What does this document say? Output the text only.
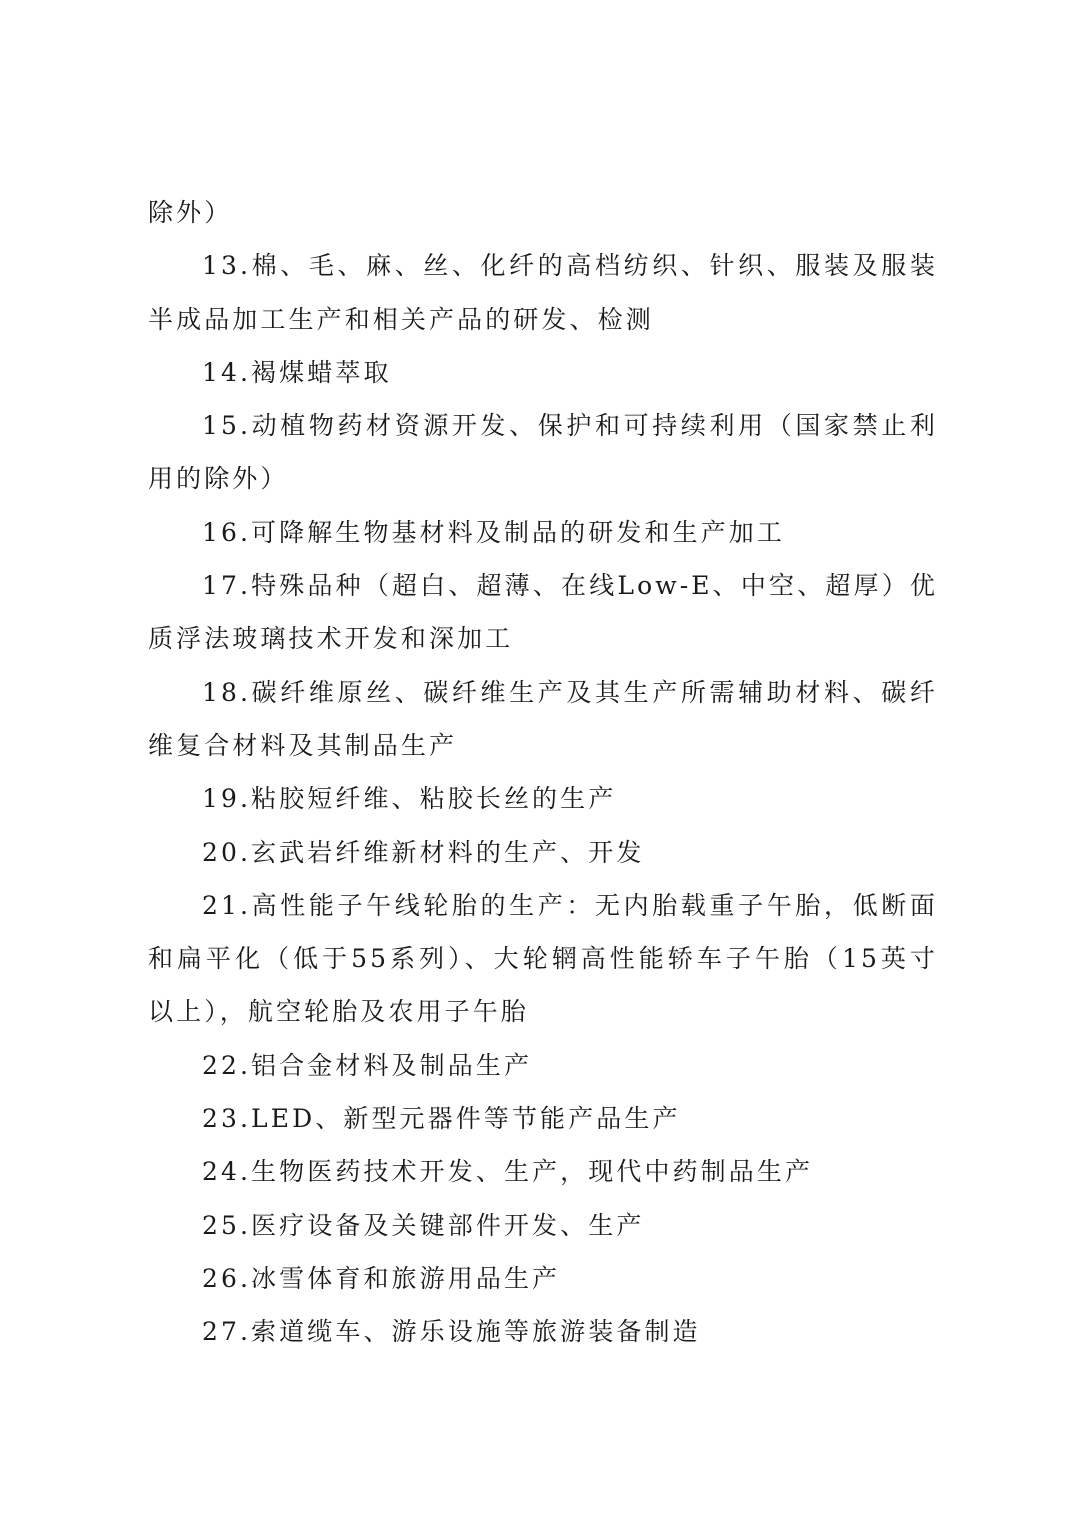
除外）

13.棉、毛、麻、丝、化纤的高档纺织、针织、服装及服装半成品加工生产和相关产品的研发、检测

14.褐煤蜡萃取

15.动植物药材资源开发、保护和可持续利用（国家禁止利用的除外）

16.可降解生物基材料及制品的研发和生产加工

17.特殊品种（超白、超薄、在线Low-E、中空、超厚）优质浮法玻璃技术开发和深加工

18.碳纤维原丝、碳纤维生产及其生产所需辅助材料、碳纤维复合材料及其制品生产

19.粘胶短纤维、粘胶长丝的生产

20.玄武岩纤维新材料的生产、开发

21.高性能子午线轮胎的生产：无内胎载重子午胎，低断面和扁平化（低于55系列）、大轮辋高性能轿车子午胎（15英寸以上），航空轮胎及农用子午胎

22.铝合金材料及制品生产

23.LED、新型元器件等节能产品生产

24.生物医药技术开发、生产，现代中药制品生产

25.医疗设备及关键部件开发、生产

26.冰雪体育和旅游用品生产

27.索道缆车、游乐设施等旅游装备制造
